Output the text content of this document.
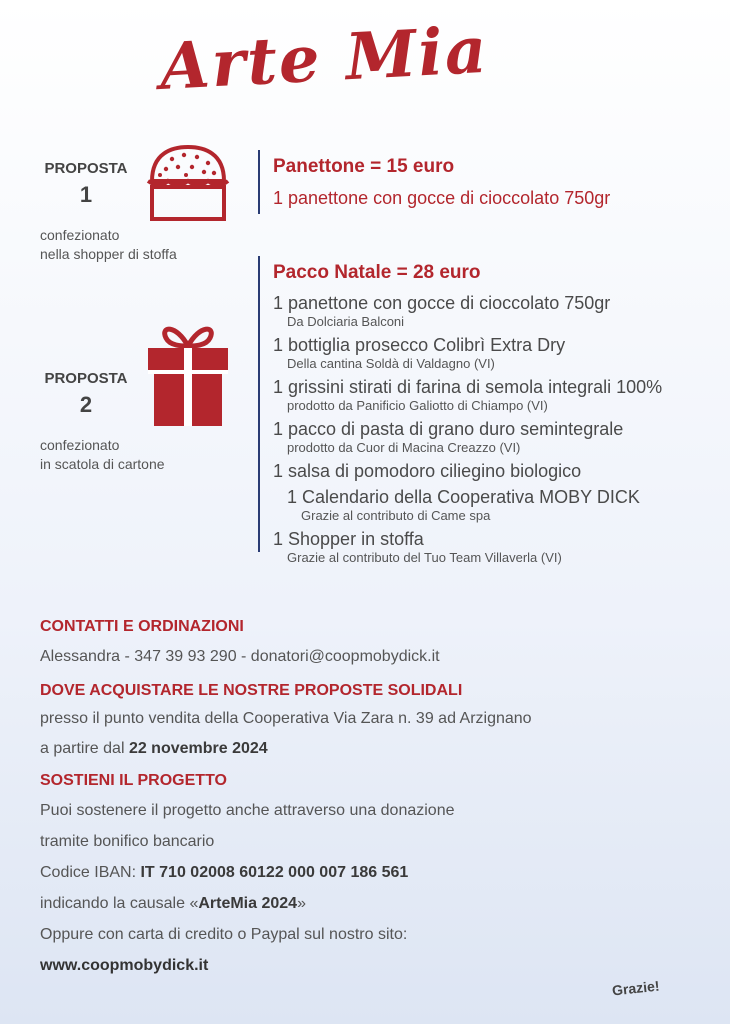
Arte Mia
PROPOSTA
1
confezionato
nella shopper di stoffa
Panettone = 15 euro
1 panettone con gocce di cioccolato 750gr
PROPOSTA
2
confezionato
in scatola di cartone
Pacco Natale = 28 euro
1 panettone con gocce di cioccolato 750gr
Da Dolciaria Balconi
1 bottiglia prosecco Colibrì Extra Dry
Della cantina Soldà di Valdagno (VI)
1 grissini stirati di farina di semola integrali 100%
prodotto da Panificio Galiotto di Chiampo (VI)
1 pacco di pasta di grano duro semintegrale
prodotto da Cuor di Macina Creazzo (VI)
1 salsa di pomodoro ciliegino biologico
1 Calendario della Cooperativa MOBY DICK
Grazie al contributo di Came spa
1 Shopper in stoffa
Grazie al contributo del Tuo Team Villaverla (VI)
CONTATTI E ORDINAZIONI
Alessandra - 347 39 93 290 - donatori@coopmobydick.it
DOVE ACQUISTARE LE NOSTRE PROPOSTE SOLIDALI
presso il punto vendita della Cooperativa Via Zara n. 39 ad Arzignano
a partire dal 22 novembre 2024
SOSTIENI IL PROGETTO
Puoi sostenere il progetto anche attraverso una donazione
tramite bonifico bancario
Codice IBAN: IT 710 02008 60122 000 007 186 561
indicando la causale «ArteMia 2024»
Oppure con carta di credito o Paypal sul nostro sito:
www.coopmobydick.it
Grazie!
